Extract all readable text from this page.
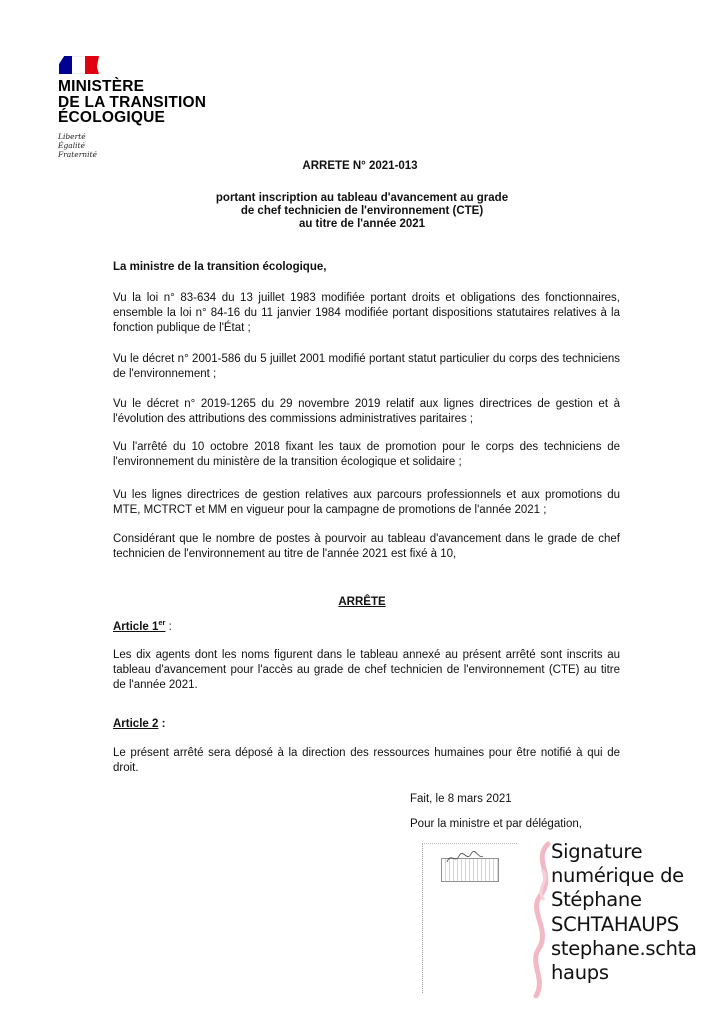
MINISTÈRE
DE LA TRANSITION
ÉCOLOGIQUE
Liberté
Égalité
Fraternité
ARRETE N° 2021-013
portant inscription au tableau d'avancement au grade
de chef technicien de l'environnement (CTE)
au titre de l'année 2021
La ministre de la transition écologique,
Vu la loi n° 83-634 du 13 juillet 1983 modifiée portant droits et obligations des fonctionnaires, ensemble la loi n° 84-16 du 11 janvier 1984 modifiée portant dispositions statutaires relatives à la fonction publique de l'État ;
Vu le décret n° 2001-586 du 5 juillet 2001 modifié portant statut particulier du corps des techniciens de l'environnement ;
Vu le décret n° 2019-1265 du 29 novembre 2019 relatif aux lignes directrices de gestion et à l'évolution des attributions des commissions administratives paritaires ;
Vu l'arrêté du 10 octobre 2018 fixant les taux de promotion pour le corps des techniciens de l'environnement du ministère de la transition écologique et solidaire ;
Vu les lignes directrices de gestion relatives aux parcours professionnels et aux promotions du MTE, MCTRCT et MM en vigueur pour la campagne de promotions de l'année 2021 ;
Considérant que le nombre de postes à pourvoir au tableau d'avancement dans le grade de chef technicien de l'environnement au titre de l'année 2021 est fixé à 10,
ARRÊTE
Article 1er :
Les dix agents dont les noms figurent dans le tableau annexé au présent arrêté sont inscrits au tableau d'avancement pour l'accès au grade de chef technicien de l'environnement (CTE) au titre de l'année 2021.
Article 2 :
Le présent arrêté sera déposé à la direction des ressources humaines pour être notifié à qui de droit.
Fait, le 8 mars 2021
Pour la ministre et par délégation,
Signature
numérique de
Stéphane
SCHTAHAUPS
stephane.schta
haups
